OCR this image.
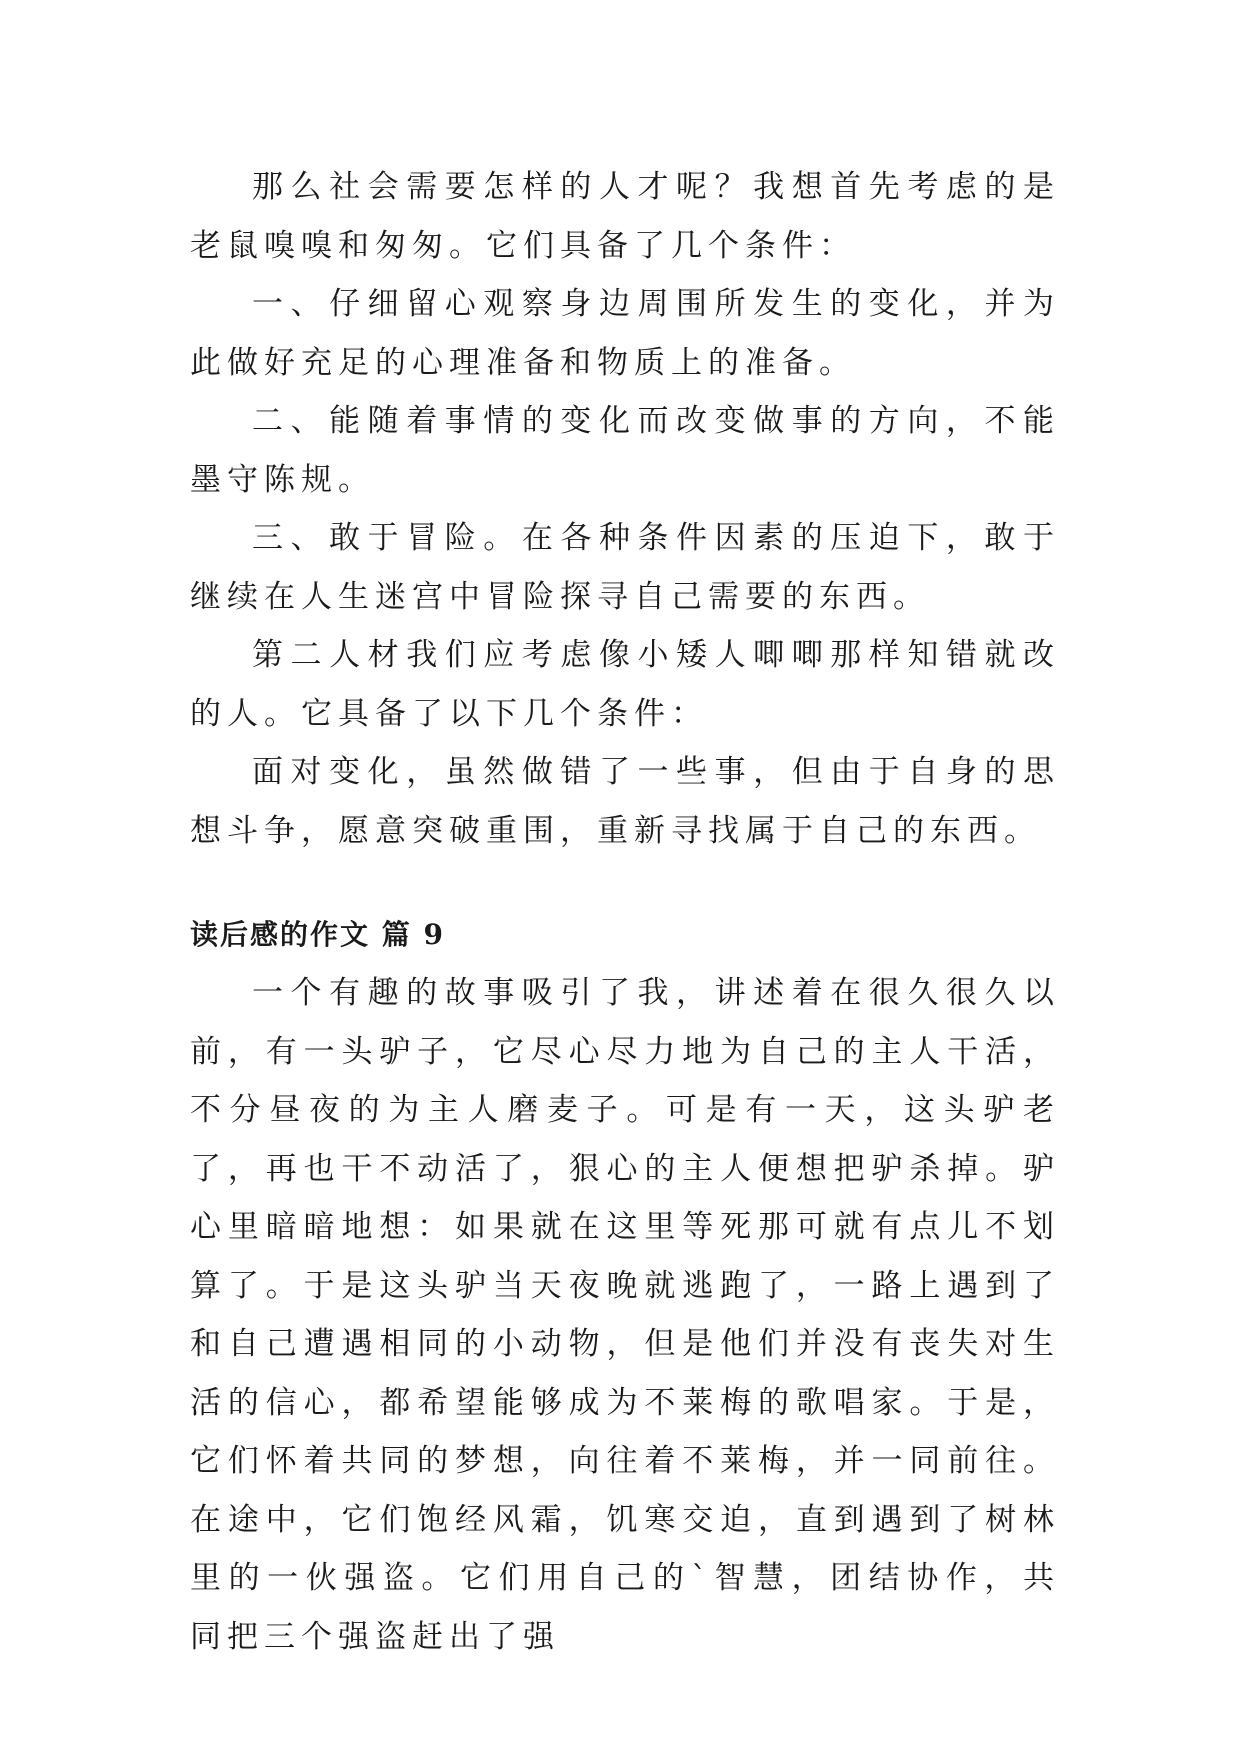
那么社会需要怎样的人才呢？我想首先考虑的是老鼠嗅嗅和匆匆。它们具备了几个条件：

一、仔细留心观察身边周围所发生的变化，并为此做好充足的心理准备和物质上的准备。

二、能随着事情的变化而改变做事的方向，不能墨守陈规。

三、敢于冒险。在各种条件因素的压迫下，敢于继续在人生迷宫中冒险探寻自己需要的东西。

第二人材我们应考虑像小矮人唧唧那样知错就改的人。它具备了以下几个条件：

面对变化，虽然做错了一些事，但由于自身的思想斗争，愿意突破重围，重新寻找属于自己的东西。

读后感的作文 篇 9

一个有趣的故事吸引了我，讲述着在很久很久以前，有一头驴子，它尽心尽力地为自己的主人干活，不分昼夜的为主人磨麦子。可是有一天，这头驴老了，再也干不动活了，狠心的主人便想把驴杀掉。驴心里暗暗地想：如果就在这里等死那可就有点儿不划算了。于是这头驴当天夜晚就逃跑了，一路上遇到了和自己遭遇相同的小动物，但是他们并没有丧失对生活的信心，都希望能够成为不莱梅的歌唱家。于是，它们怀着共同的梦想，向往着不莱梅，并一同前往。在途中，它们饱经风霜，饥寒交迫，直到遇到了树林里的一伙强盗。它们用自己的`智慧，团结协作，共同把三个强盗赶出了强
